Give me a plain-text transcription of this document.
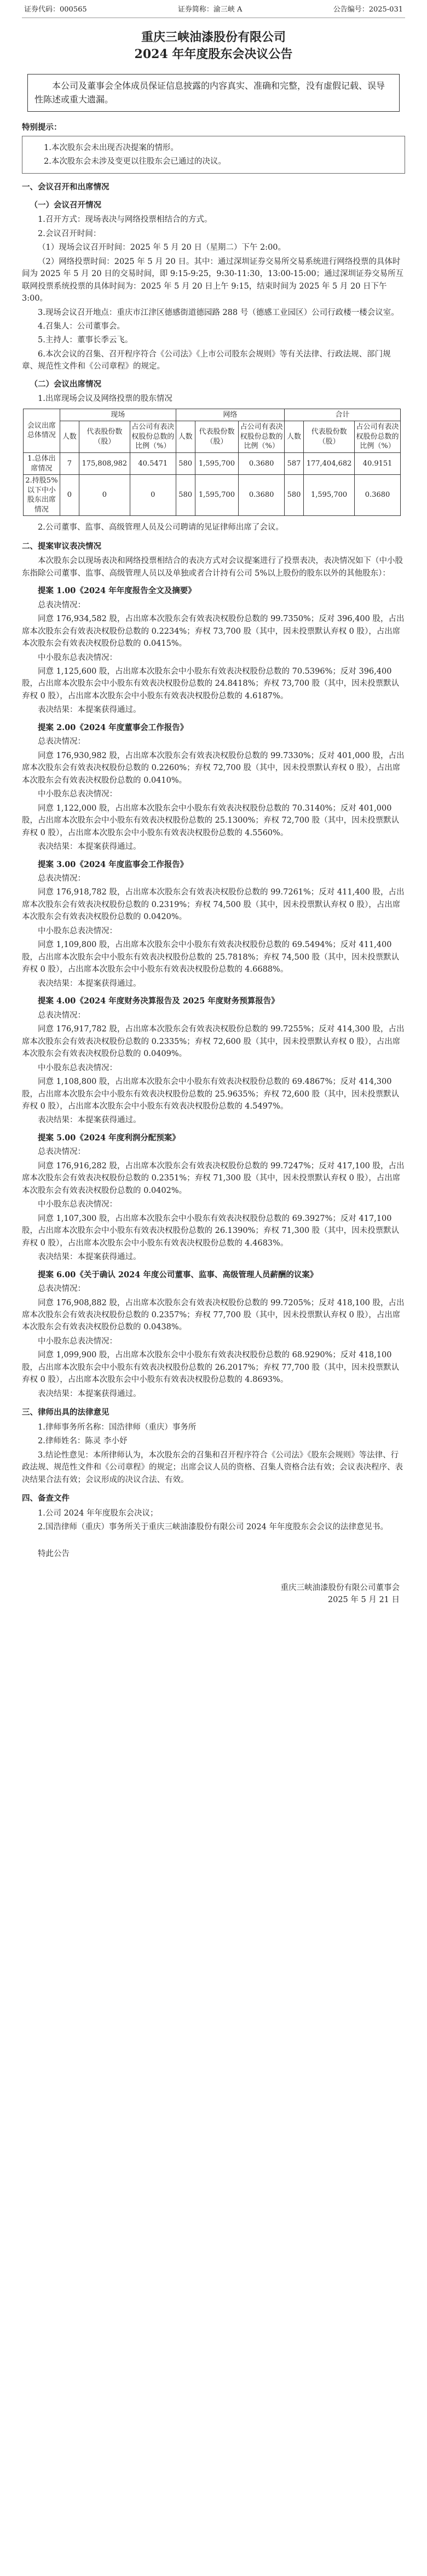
证券代码：000565	证券简称：渝三峡 A	公告编号：2025-031
重庆三峡油漆股份有限公司
2024 年年度股东会决议公告
本公司及董事会全体成员保证信息披露的内容真实、准确和完整，没有虚假记载、误导性陈述或重大遗漏。
特别提示：

1.本次股东会未出现否决提案的情形。

2.本次股东会未涉及变更以往股东会已通过的决议。

一、会议召开和出席情况
（一）会议召开情况

1.召开方式：现场表决与网络投票相结合的方式。

2.会议召开时间：

（1）现场会议召开时间：2025 年 5 月 20 日（星期二）下午 2:00。

（2）网络投票时间：2025 年 5 月 20 日。其中：通过深圳证券交易所交易系统进行网络投票的具体时间为 2025 年 5 月 20 日的交易时间，即 9:15-9:25，9:30-11:30，13:00-15:00；通过深圳证券交易所互联网投票系统投票的具体时间为：2025 年 5 月 20 日上午 9:15，结束时间为 2025 年 5 月 20 日下午 3:00。

3.现场会议召开地点：重庆市江津区德感街道德园路 288 号（德感工业园区）公司行政楼一楼会议室。

4.召集人：公司董事会。

5.主持人：董事长季云飞。

6.本次会议的召集、召开程序符合《公司法》《上市公司股东会规则》等有关法律、行政法规、部门规章、规范性文件和《公司章程》的规定。

（二）会议出席情况

1.出席现场会议及网络投票的股东情况

会议出席总体情况	现场			网络			合计		
	人数	代表股份数（股）	占公司有表决权股份总数的比例（%）	人数	代表股份数（股）	占公司有表决权股份总数的比例（%）	人数	代表股份数（股）	占公司有表决权股份总数的比例（%）
1.总体出席情况	7	175,808,982	40.5471	580	1,595,700	0.3680	587	177,404,682	40.9151
2.持股5%以下中小股东出席情况	0	0	0	580	1,595,700	0.3680	580	1,595,700	0.3680

2.公司董事、监事、高级管理人员及公司聘请的见证律师出席了会议。

二、提案审议表决情况

本次股东会以现场表决和网络投票相结合的表决方式对会议提案进行了投票表决，表决情况如下（中小股东指除公司董事、监事、高级管理人员以及单独或者合计持有公司 5%以上股份的股东以外的其他股东）：

提案 1.00《2024 年年度报告全文及摘要》

总表决情况：

同意 176,934,582 股，占出席本次股东会有效表决权股份总数的 99.7350%；反对 396,400 股，占出席本次股东会有效表决权股份总数的 0.2234%；弃权 73,700 股（其中，因未投票默认弃权 0 股），占出席本次股东会有效表决权股份总数的 0.0415%。

中小股东总表决情况：

同意 1,125,600 股，占出席本次股东会中小股东有效表决权股份总数的 70.5396%；反对 396,400 股，占出席本次股东会中小股东有效表决权股份总数的 24.8418%；弃权 73,700 股（其中，因未投票默认弃权 0 股），占出席本次股东会中小股东有效表决权股份总数的 4.6187%。

表决结果：本提案获得通过。

提案 2.00《2024 年度董事会工作报告》

总表决情况：

同意 176,930,982 股，占出席本次股东会有效表决权股份总数的 99.7330%；反对 401,000 股，占出席本次股东会有效表决权股份总数的 0.2260%；弃权 72,700 股（其中，因未投票默认弃权 0 股），占出席本次股东会有效表决权股份总数的 0.0410%。

中小股东总表决情况：

同意 1,122,000 股，占出席本次股东会中小股东有效表决权股份总数的 70.3140%；反对 401,000 股，占出席本次股东会中小股东有效表决权股份总数的 25.1300%；弃权 72,700 股（其中，因未投票默认弃权 0 股），占出席本次股东会中小股东有效表决权股份总数的 4.5560%。

表决结果：本提案获得通过。

提案 3.00《2024 年度监事会工作报告》

总表决情况：

同意 176,918,782 股，占出席本次股东会有效表决权股份总数的 99.7261%；反对 411,400 股，占出席本次股东会有效表决权股份总数的 0.2319%；弃权 74,500 股（其中，因未投票默认弃权 0 股），占出席本次股东会有效表决权股份总数的 0.0420%。

中小股东总表决情况：

同意 1,109,800 股，占出席本次股东会中小股东有效表决权股份总数的 69.5494%；反对 411,400 股，占出席本次股东会中小股东有效表决权股份总数的 25.7818%；弃权 74,500 股（其中，因未投票默认弃权 0 股），占出席本次股东会中小股东有效表决权股份总数的 4.6688%。

表决结果：本提案获得通过。

提案 4.00《2024 年度财务决算报告及 2025 年度财务预算报告》

总表决情况：

同意 176,917,782 股，占出席本次股东会有效表决权股份总数的 99.7255%；反对 414,300 股，占出席本次股东会有效表决权股份总数的 0.2335%；弃权 72,600 股（其中，因未投票默认弃权 0 股），占出席本次股东会有效表决权股份总数的 0.0409%。

中小股东总表决情况：

同意 1,108,800 股，占出席本次股东会中小股东有效表决权股份总数的 69.4867%；反对 414,300 股，占出席本次股东会中小股东有效表决权股份总数的 25.9635%；弃权 72,600 股（其中，因未投票默认弃权 0 股），占出席本次股东会中小股东有效表决权股份总数的 4.5497%。

表决结果：本提案获得通过。

提案 5.00《2024 年度利润分配预案》

总表决情况：

同意 176,916,282 股，占出席本次股东会有效表决权股份总数的 99.7247%；反对 417,100 股，占出席本次股东会有效表决权股份总数的 0.2351%；弃权 71,300 股（其中，因未投票默认弃权 0 股），占出席本次股东会有效表决权股份总数的 0.0402%。

中小股东总表决情况：

同意 1,107,300 股，占出席本次股东会中小股东有效表决权股份总数的 69.3927%；反对 417,100 股，占出席本次股东会中小股东有效表决权股份总数的 26.1390%；弃权 71,300 股（其中，因未投票默认弃权 0 股），占出席本次股东会中小股东有效表决权股份总数的 4.4683%。

表决结果：本提案获得通过。

提案 6.00《关于确认 2024 年度公司董事、监事、高级管理人员薪酬的议案》

总表决情况：

同意 176,908,882 股，占出席本次股东会有效表决权股份总数的 99.7205%；反对 418,100 股，占出席本次股东会有效表决权股份总数的 0.2357%；弃权 77,700 股（其中，因未投票默认弃权 0 股），占出席本次股东会有效表决权股份总数的 0.0438%。

中小股东总表决情况：

同意 1,099,900 股，占出席本次股东会中小股东有效表决权股份总数的 68.9290%；反对 418,100 股，占出席本次股东会中小股东有效表决权股份总数的 26.2017%；弃权 77,700 股（其中，因未投票默认弃权 0 股），占出席本次股东会中小股东有效表决权股份总数的 4.8693%。

表决结果：本提案获得通过。

三、律师出具的法律意见

1.律师事务所名称：国浩律师（重庆）事务所

2.律师姓名：陈灵 李小妤

3.结论性意见：本所律师认为，本次股东会的召集和召开程序符合《公司法》《股东会规则》等法律、行政法规、规范性文件和《公司章程》的规定；出席会议人员的资格、召集人资格合法有效；会议表决程序、表决结果合法有效；会议形成的决议合法、有效。

四、备查文件

1.公司 2024 年年度股东会决议；

2.国浩律师（重庆）事务所关于重庆三峡油漆股份有限公司 2024 年年度股东会会议的法律意见书。

特此公告

重庆三峡油漆股份有限公司董事会
2025 年 5 月 21 日
